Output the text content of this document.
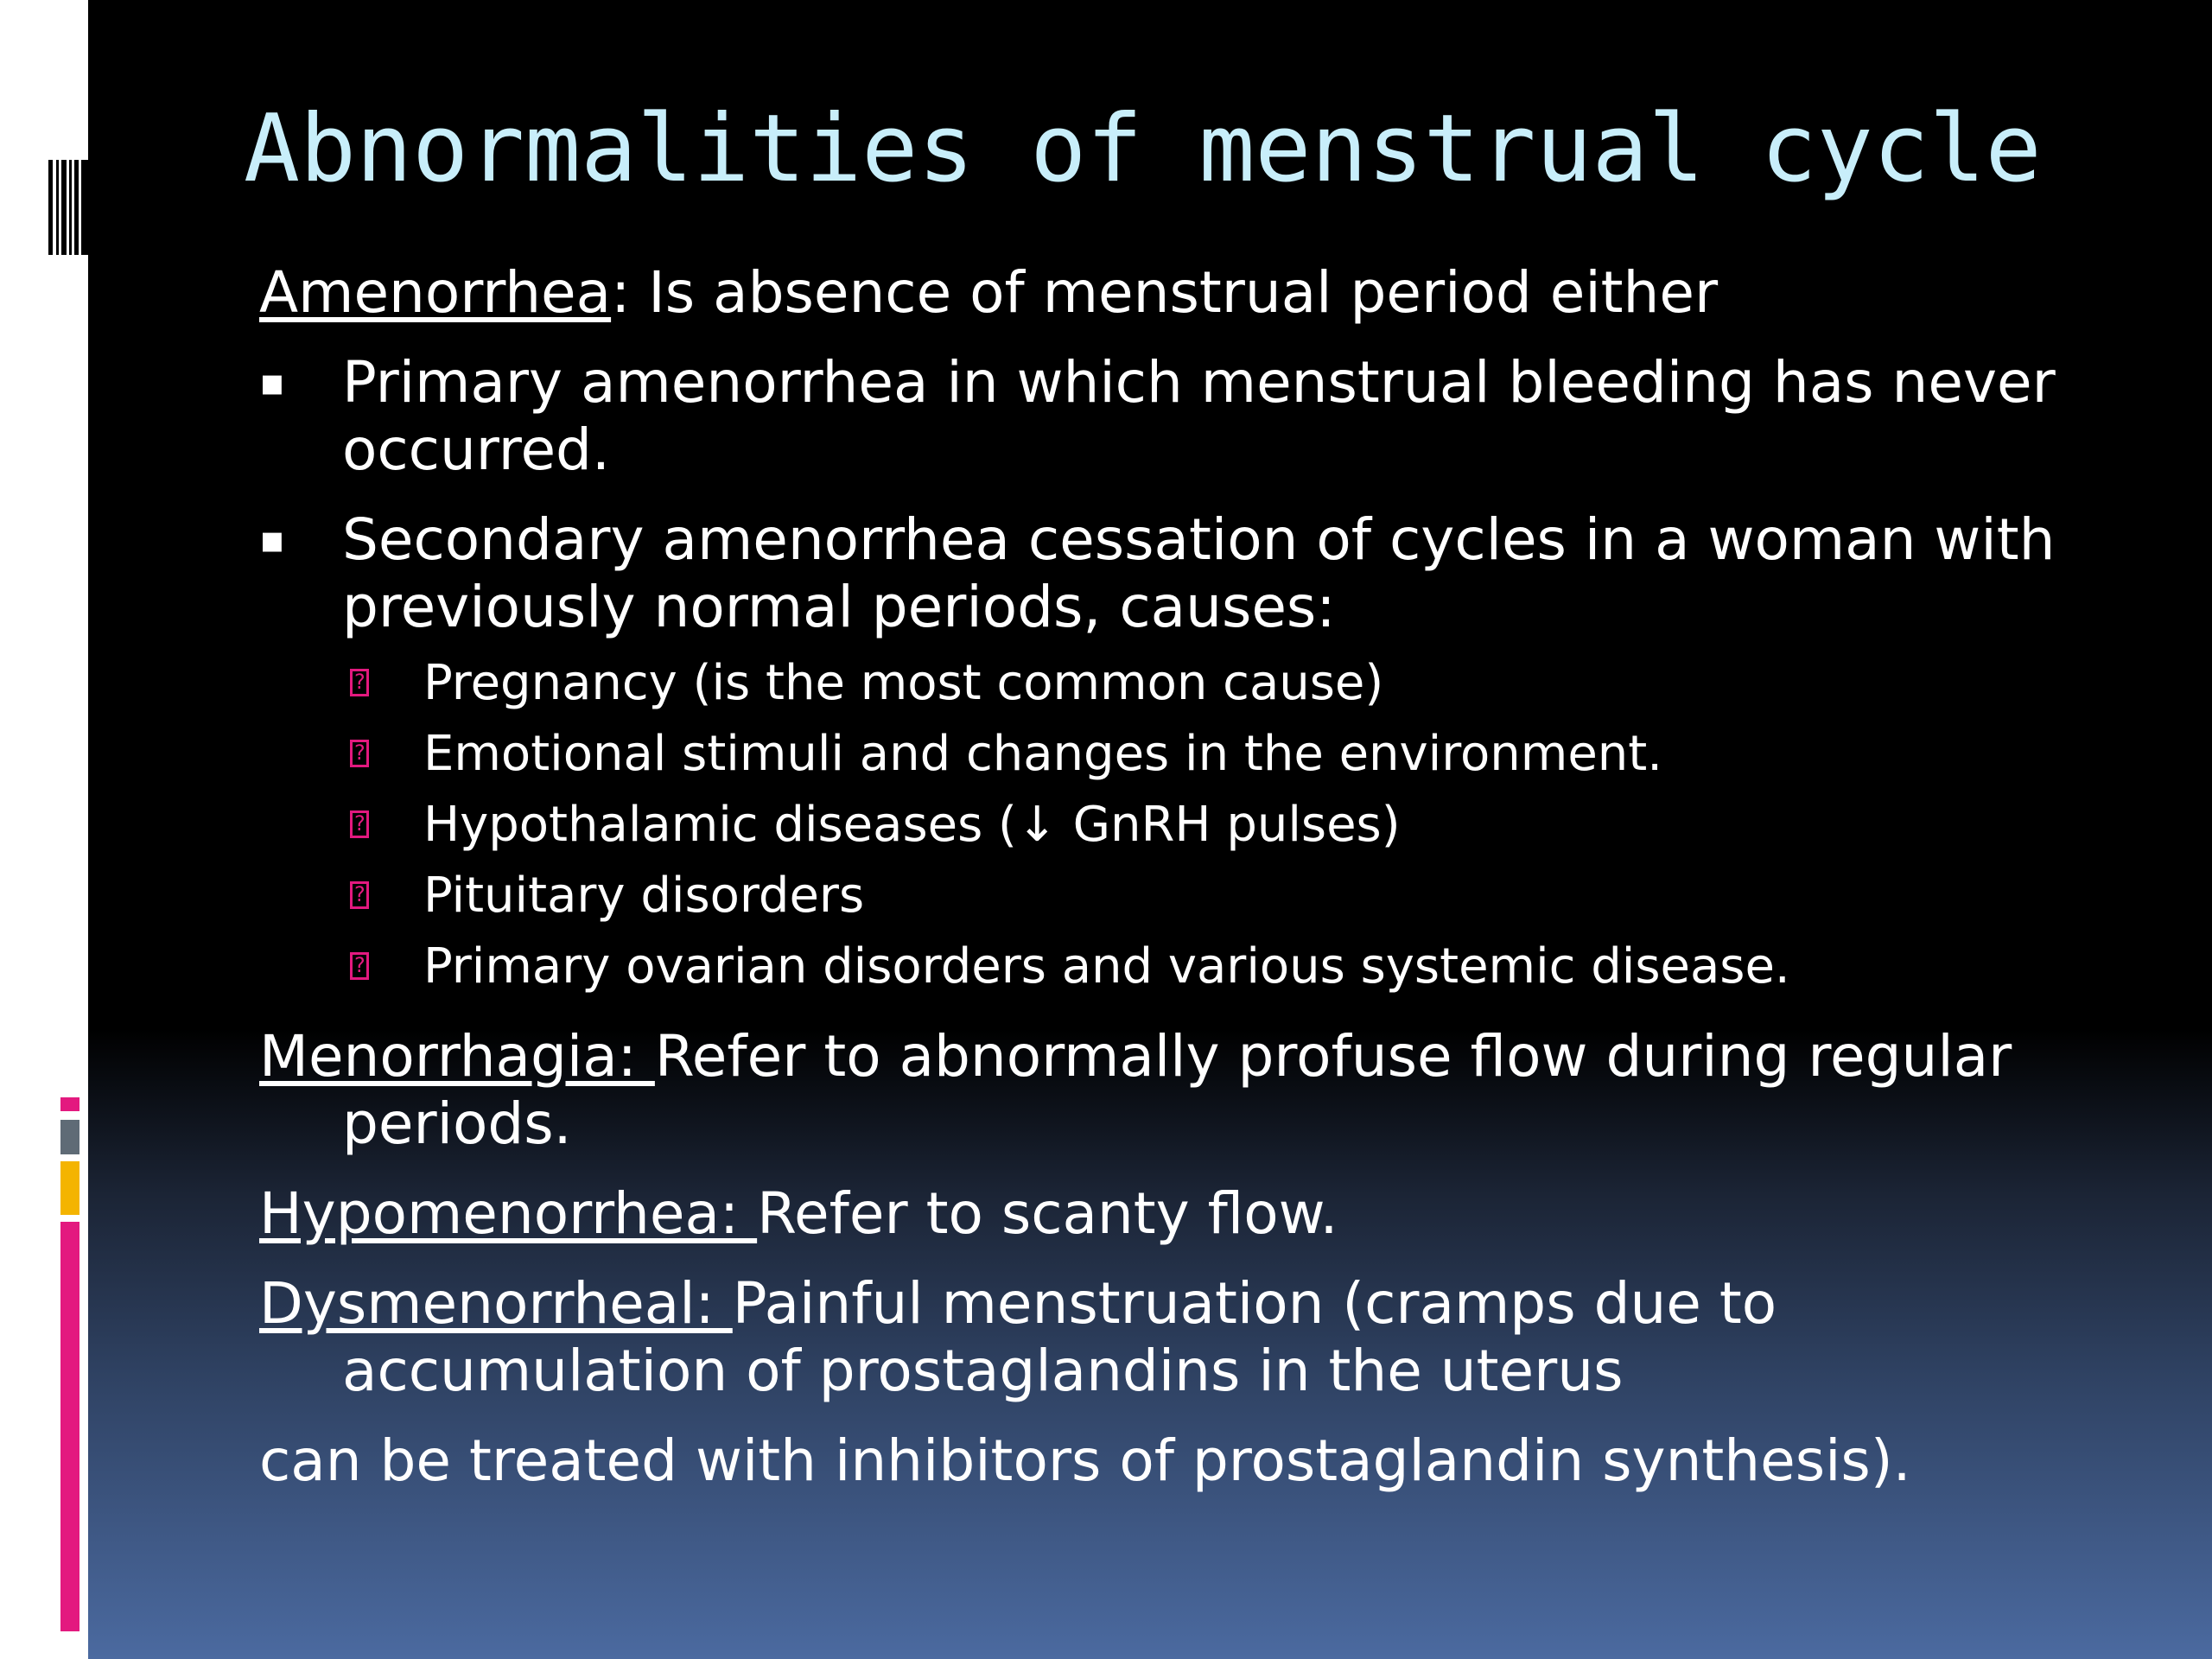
Abnormalities of menstrual cycle

Amenorrhea: Is absence of menstrual period either

▪ Primary amenorrhea in which menstrual bleeding has never occurred.
▪ Secondary amenorrhea cessation of cycles in a woman with previously normal periods, causes:
?
Pregnancy (is the most common cause)
?
Emotional stimuli and changes in the environment.
?
Hypothalamic diseases (↓ GnRH pulses)
?
Pituitary disorders
?
Primary ovarian disorders and various systemic disease.

Menorrhagia: Refer to abnormally profuse flow during regular periods.

Hypomenorrhea: Refer to scanty flow.

Dysmenorrheal: Painful menstruation (cramps due to accumulation of prostaglandins in the uterus

can be treated with inhibitors of prostaglandin synthesis).
